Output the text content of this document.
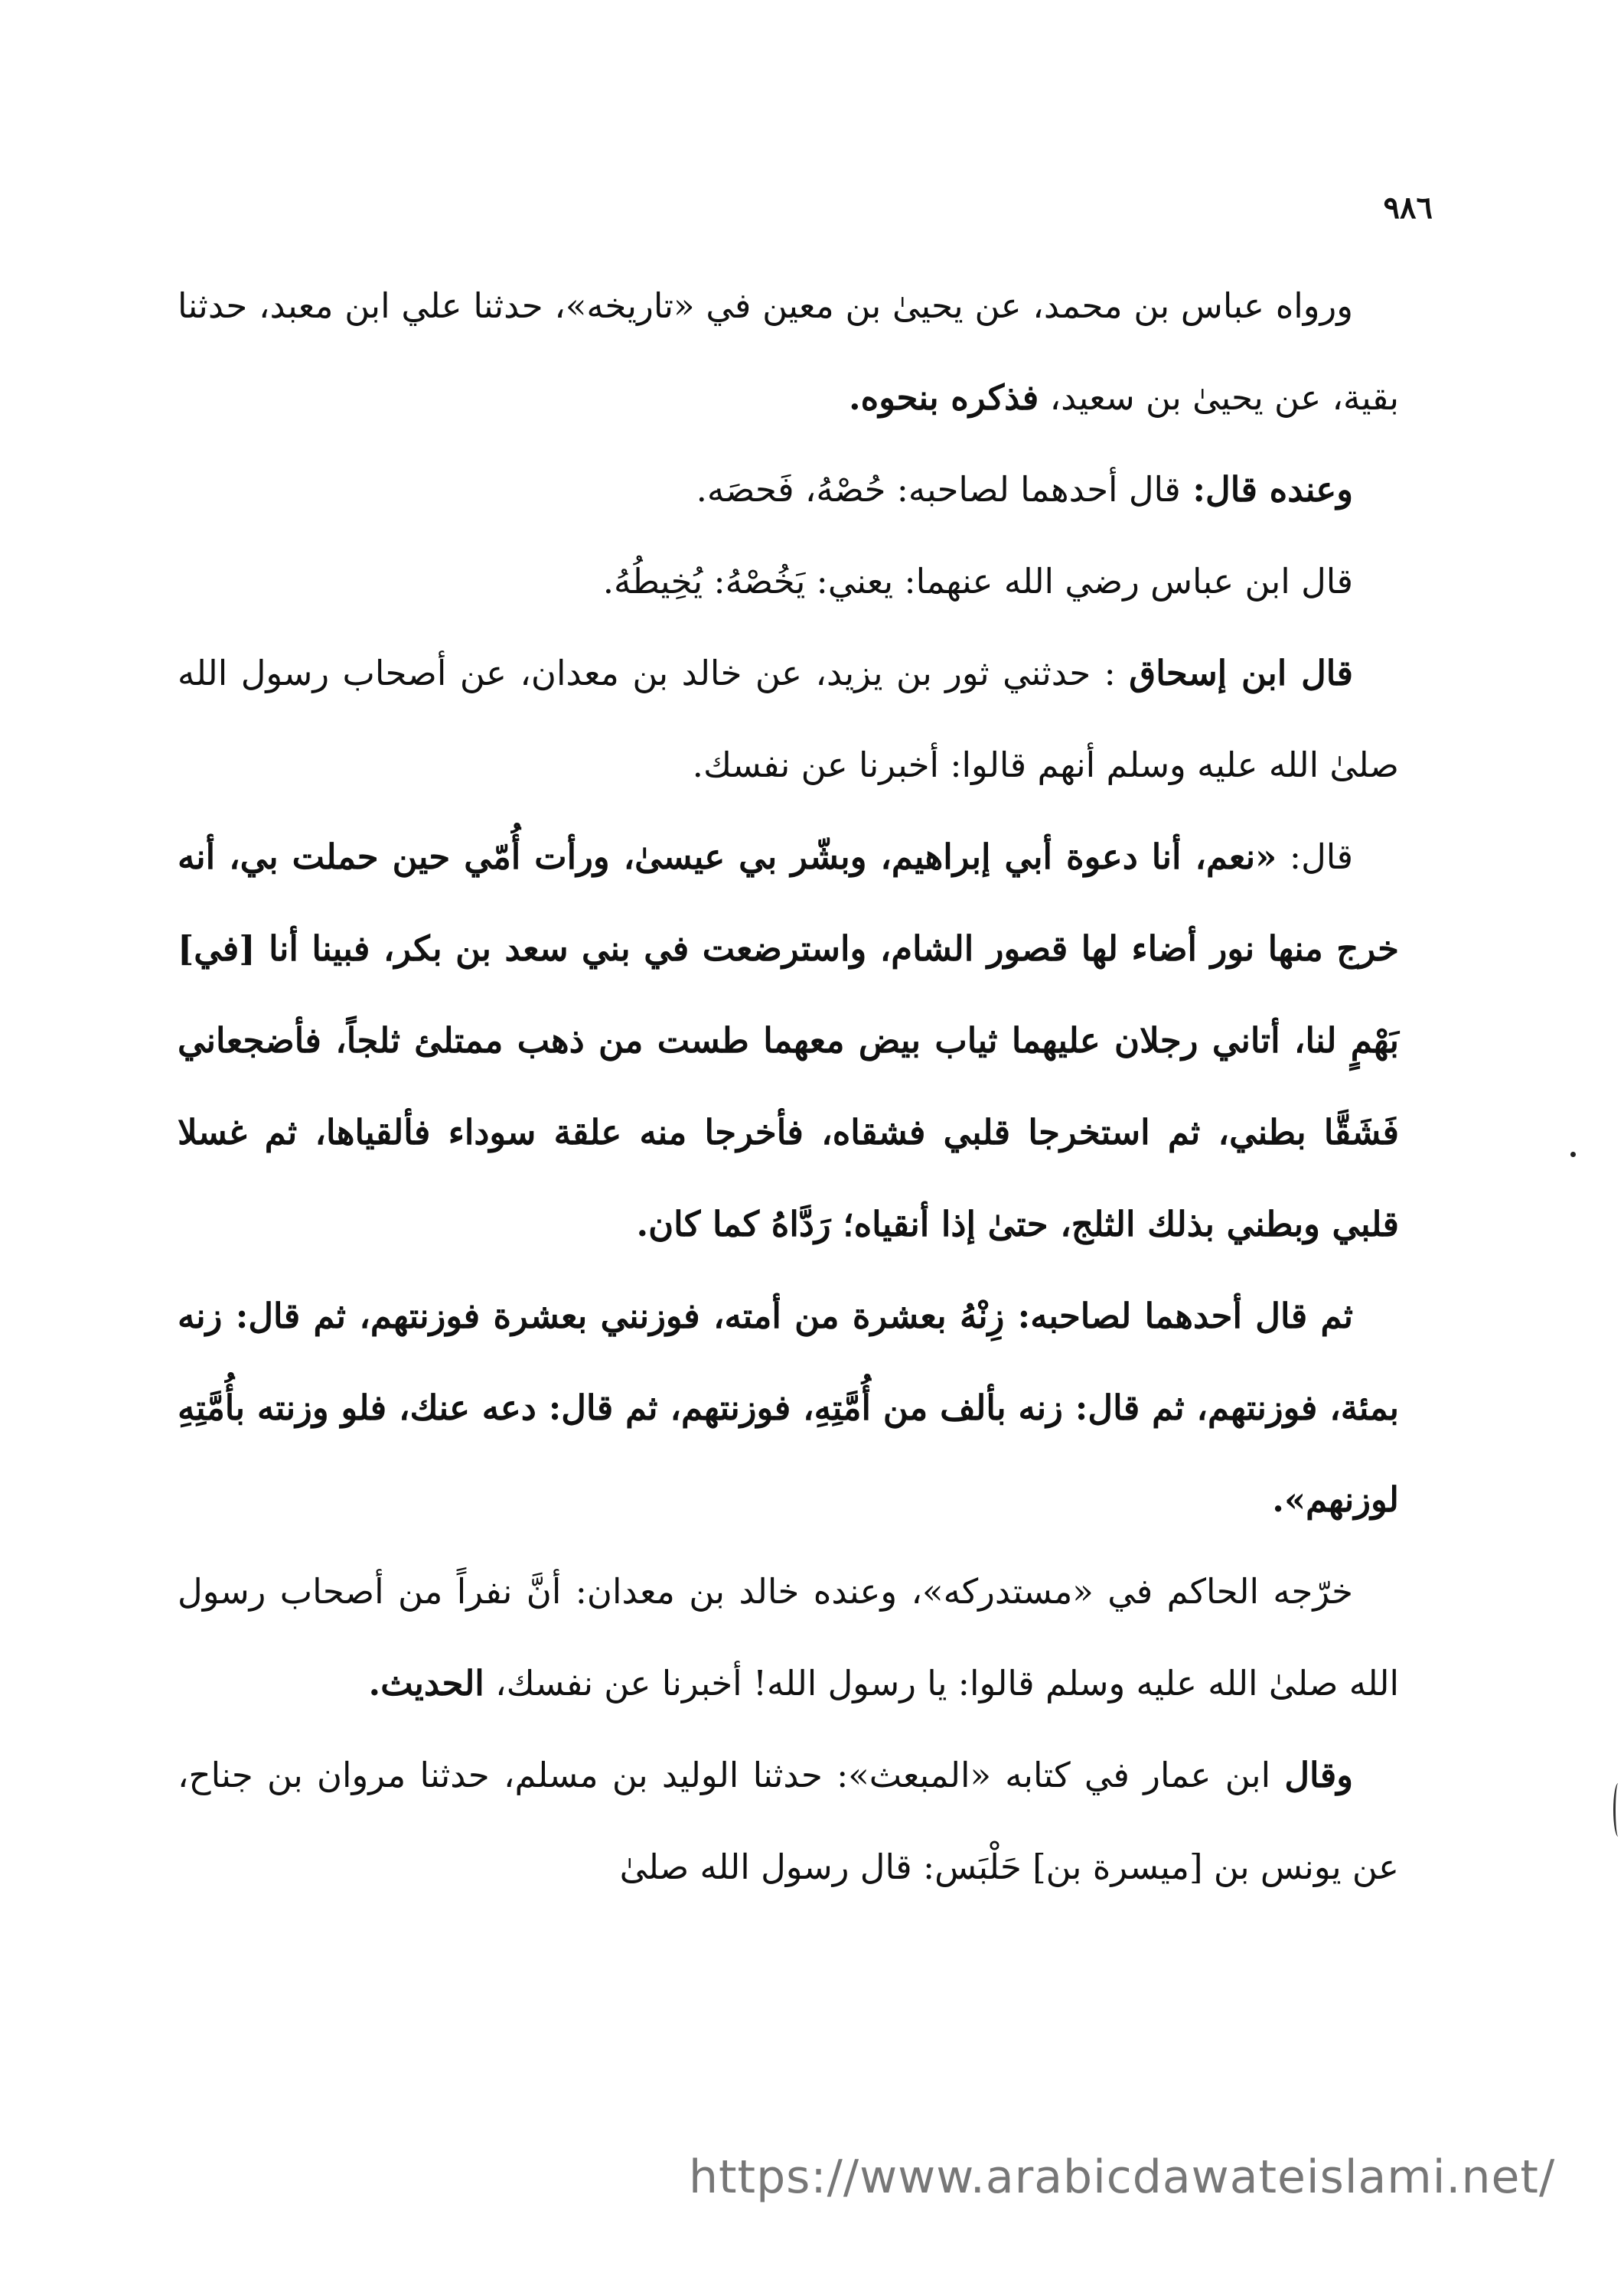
٩٨٦

ورواه عباس بن محمد، عن يحيىٰ بن معين في «تاريخه»، حدثنا علي ابن معبد، حدثنا بقية، عن يحيىٰ بن سعيد، فذكره بنحوه.

وعنده قال: قال أحدهما لصاحبه: حُصْهُ، فَحصَه.

قال ابن عباس رضي الله عنهما: يعني: يَخُصْهُ: يُخِيطُهُ.

قال ابن إسحاق : حدثني ثور بن يزيد، عن خالد بن معدان، عن أصحاب رسول الله صلىٰ الله عليه وسلم أنهم قالوا: أخبرنا عن نفسك.

قال: «نعم، أنا دعوة أبي إبراهيم، وبشّر بي عيسىٰ، ورأت أُمّي حين حملت بي، أنه خرج منها نور أضاء لها قصور الشام، واسترضعت في بني سعد بن بكر، فبينا أنا [في] بَهْمٍ لنا، أتاني رجلان عليهما ثياب بيض معهما طست من ذهب ممتلئ ثلجاً، فأضجعاني فَشَقَّا بطني، ثم استخرجا قلبي فشقاه، فأخرجا منه علقة سوداء فألقياها، ثم غسلا قلبي وبطني بذلك الثلج، حتىٰ إذا أنقياه؛ رَدَّاهُ كما كان.

ثم قال أحدهما لصاحبه: زِنْهُ بعشرة من أمته، فوزنني بعشرة فوزنتهم، ثم قال: زنه بمئة، فوزنتهم، ثم قال: زنه بألف من أُمَّتِهِ، فوزنتهم، ثم قال: دعه عنك، فلو وزنته بأُمَّتِهِ لوزنهم».

خرّجه الحاكم في «مستدركه»، وعنده خالد بن معدان: أنَّ نفراً من أصحاب رسول الله صلىٰ الله عليه وسلم قالوا: يا رسول الله! أخبرنا عن نفسك، الحديث.

وقال ابن عمار في كتابه «المبعث»: حدثنا الوليد بن مسلم، حدثنا مروان بن جناح، عن يونس بن [ميسرة بن] حَلْبَس: قال رسول الله صلىٰ

https://www.arabicdawateislami.net/
